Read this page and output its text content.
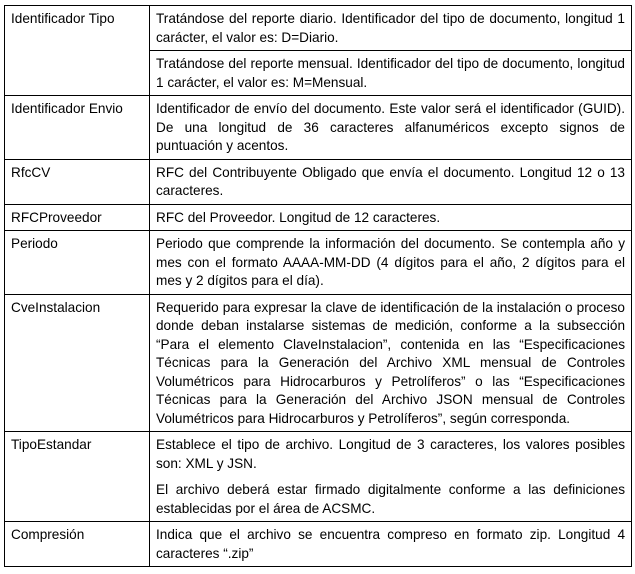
Identificador Tipo	Tratándose del reporte diario. Identificador del tipo de documento, longitud 1 carácter, el valor es: D=Diario.
	Tratándose del reporte mensual. Identificador del tipo de documento, longitud 1 carácter, el valor es: M=Mensual.
Identificador Envio	Identificador de envío del documento. Este valor será el identificador (GUID). De una longitud de 36 caracteres alfanuméricos excepto signos de puntuación y acentos.
RfcCV	RFC del Contribuyente Obligado que envía el documento. Longitud 12 o 13 caracteres.
RFCProveedor	RFC del Proveedor. Longitud de 12 caracteres.
Periodo	Periodo que comprende la información del documento. Se contempla año y mes con el formato AAAA-MM-DD (4 dígitos para el año, 2 dígitos para el mes y 2 dígitos para el día).
CveInstalacion	Requerido para expresar la clave de identificación de la instalación o proceso donde deban instalarse sistemas de medición, conforme a la subsección “Para el elemento ClaveInstalacion”, contenida en las “Especificaciones Técnicas para la Generación del Archivo XML mensual de Controles Volumétricos para Hidrocarburos y Petrolíferos” o las “Especificaciones Técnicas para la Generación del Archivo JSON mensual de Controles Volumétricos para Hidrocarburos y Petrolíferos”, según corresponda.
TipoEstandar	Establece el tipo de archivo. Longitud de 3 caracteres, los valores posibles son: XML y JSN.

El archivo deberá estar firmado digitalmente conforme a las definiciones establecidas por el área de ACSMC.

Compresión	Indica que el archivo se encuentra compreso en formato zip. Longitud 4 caracteres “.zip”
